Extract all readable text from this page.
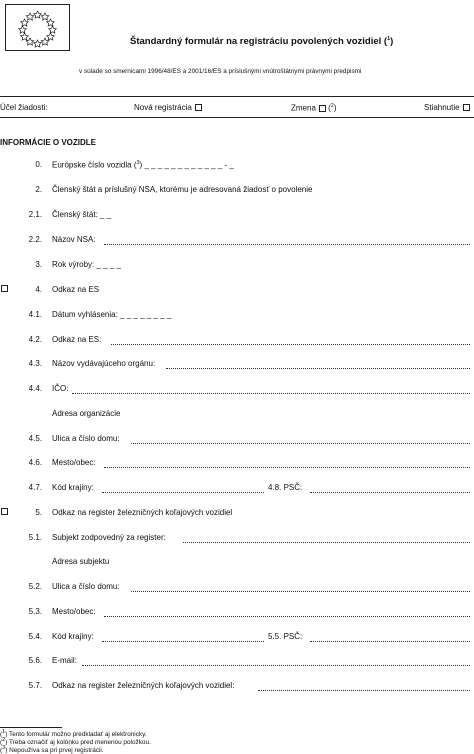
Štandardný formulár na registráciu povolených vozidiel ($^1$)
v súlade so smernicami 1996/48/ES a 2001/16/ES a príslušnými vnútroštátnymi právnymi predpismi
Účel žiadosti:	Nová registrácia	Zmena ($^2$)	Stiahnutie
INFORMÁCIE O VOZIDLE
0. Európske číslo vozidla ($^3$) _ _ _ _ _ _ _ _ _ _ _ _ - _
2. Členský štát a príslušný NSA, ktorému je adresovaná žiadosť o povolenie
2.1. Členský štát: _ _
2.2. Názov NSA:
3. Rok výroby: _ _ _ _
4. Odkaz na ES
4.1. Dátum vyhlásenia: _ _ _ _ _ _ _ _
4.2. Odkaz na ES:
4.3. Názov vydávajúceho orgánu:
4.4. IČO:
Adresa organizácie
4.5. Ulica a číslo domu:
4.6. Mesto/obec:
4.7. Kód krajiny:	4.8. PSČ:
5. Odkaz na register železničných koľajových vozidiel
5.1. Subjekt zodpovedný za register:
Adresa subjektu
5.2. Ulica a číslo domu:
5.3. Mesto/obec:
5.4. Kód krajiny:	5.5. PSČ:
5.6. E-mail:
5.7. Odkaz na register železničných koľajových vozidiel:
($^1$) Tento formulár možno predkladať aj elektronicky.
($^2$) Treba označiť aj kolónku pred menenou položkou.
($^3$) Nepoužíva sa pri prvej registrácii.
